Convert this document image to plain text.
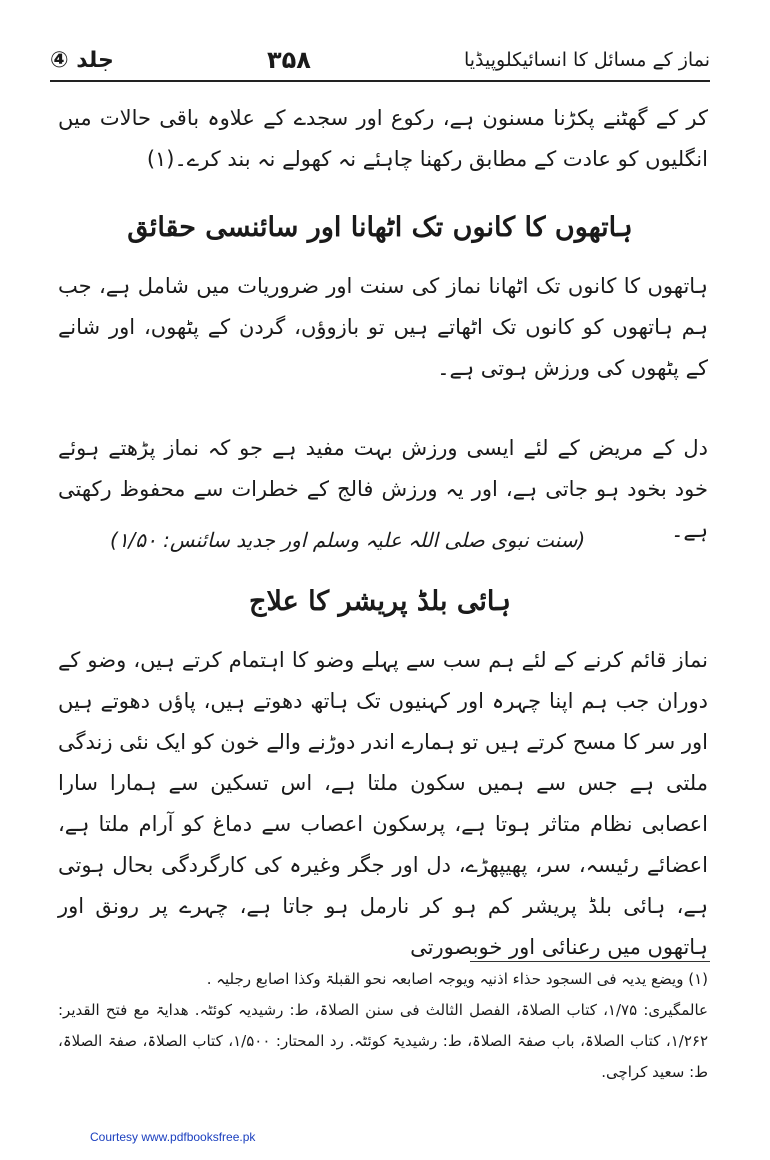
جلد ④	۳۵۸	نماز کے مسائل کا انسائیکلوپیڈیا
کر کے گھٹنے پکڑنا مسنون ہے، رکوع اور سجدے کے علاوہ باقی حالات میں انگلیوں کو عادت کے مطابق رکھنا چاہئے نہ کھولے نہ بند کرے۔(۱)
ہاتھوں کا کانوں تک اٹھانا اور سائنسی حقائق
ہاتھوں کا کانوں تک اٹھانا نماز کی سنت اور ضروریات میں شامل ہے، جب ہم ہاتھوں کو کانوں تک اٹھاتے ہیں تو بازوؤں، گردن کے پٹھوں، اور شانے کے پٹھوں کی ورزش ہوتی ہے۔
دل کے مریض کے لئے ایسی ورزش بہت مفید ہے جو کہ نماز پڑھتے ہوئے خود بخود ہو جاتی ہے، اور یہ ورزش فالج کے خطرات سے محفوظ رکھتی ہے۔
(سنت نبوی صلی اللہ علیہ وسلم اور جدید سائنس: ۱/۵۰)
ہائی بلڈ پریشر کا علاج
نماز قائم کرنے کے لئے ہم سب سے پہلے وضو کا اہتمام کرتے ہیں، وضو کے دوران جب ہم اپنا چہرہ اور کہنیوں تک ہاتھ دھوتے ہیں، پاؤں دھوتے ہیں اور سر کا مسح کرتے ہیں تو ہمارے اندر دوڑنے والے خون کو ایک نئی زندگی ملتی ہے جس سے ہمیں سکون ملتا ہے، اس تسکین سے ہمارا سارا اعصابی نظام متاثر ہوتا ہے، پرسکون اعصاب سے دماغ کو آرام ملتا ہے، اعضائے رئیسہ، سر، پھیپھڑے، دل اور جگر وغیرہ کی کارگردگی بحال ہوتی ہے، ہائی بلڈ پریشر کم ہو کر نارمل ہو جاتا ہے، چہرے پر رونق اور ہاتھوں میں رعنائی اور خوبصورتی
(۱) ویضع یدیہ فی السجود حذاء اذنیہ ویوجہ اصابعہ نحو القبلۃ وکذا اصابع رجلیہ .
عالمگیری: ۱/۷۵، کتاب الصلاۃ، الفصل الثالث فی سنن الصلاۃ، ط: رشیدیہ کوئٹہ. ھدایۃ مع فتح القدیر: ۱/۲۶۲، کتاب الصلاۃ، باب صفۃ الصلاۃ، ط: رشیدیۃ کوئٹہ. رد المحتار: ۱/۵۰۰، کتاب الصلاۃ، صفۃ الصلاۃ، ط: سعید کراچی.
Courtesy www.pdfbooksfree.pk
